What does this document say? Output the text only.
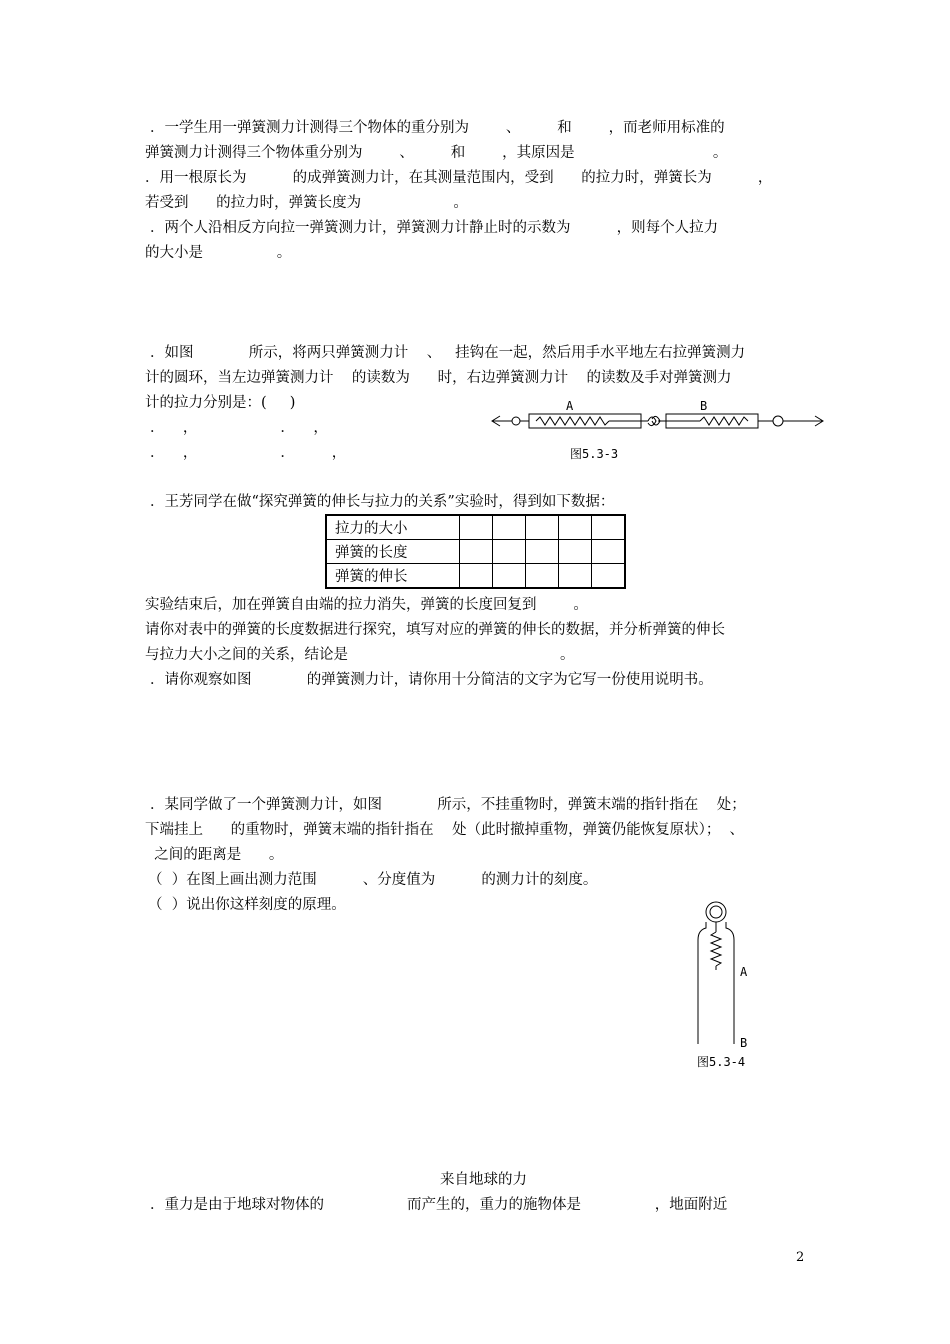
．一学生用一弹簧测力计测得三个物体的重分别为        、        和        ，而老师用标准的
弹簧测力计测得三个物体重分别为        、        和        ，其原因是                              。
．用一根原长为          的成弹簧测力计，在其测量范围内，受到      的拉力时，弹簧长为          ，
若受到      的拉力时，弹簧长度为                    。
．两个人沿相反方向拉一弹簧测力计，弹簧测力计静止时的示数为          ，则每个人拉力
的大小是                。
．如图            所示，将两只弹簧测力计    、   挂钩在一起，然后用手水平地左右拉弹簧测力
计的圆环，当左边弹簧测力计    的读数为      时，右边弹簧测力计    的读数及手对弹簧测力
计的拉力分别是：(     )
．    ，                  ．    ，
．    ，                  ．        ，
A	B
图5.3-3
．王芳同学在做“探究弹簧的伸长与拉力的关系”实验时，得到如下数据：
拉力的大小					
弹簧的长度					
弹簧的伸长					
实验结束后，加在弹簧自由端的拉力消失，弹簧的长度回复到        。
请你对表中的弹簧的长度数据进行探究，填写对应的弹簧的伸长的数据，并分析弹簧的伸长
与拉力大小之间的关系，结论是                                              。
．请你观察如图            的弹簧测力计，请你用十分简洁的文字为它写一份使用说明书。
．某同学做了一个弹簧测力计，如图            所示，不挂重物时，弹簧末端的指针指在    处；
下端挂上      的重物时，弹簧末端的指针指在    处（此时撤掉重物，弹簧仍能恢复原状）；  、
之间的距离是      。
（  ）在图上画出测力范围          、分度值为          的测力计的刻度。
（  ）说出你这样刻度的原理。
A
B
图5.3-4
来自地球的力
．重力是由于地球对物体的                  而产生的，重力的施物体是                ，地面附近
2
